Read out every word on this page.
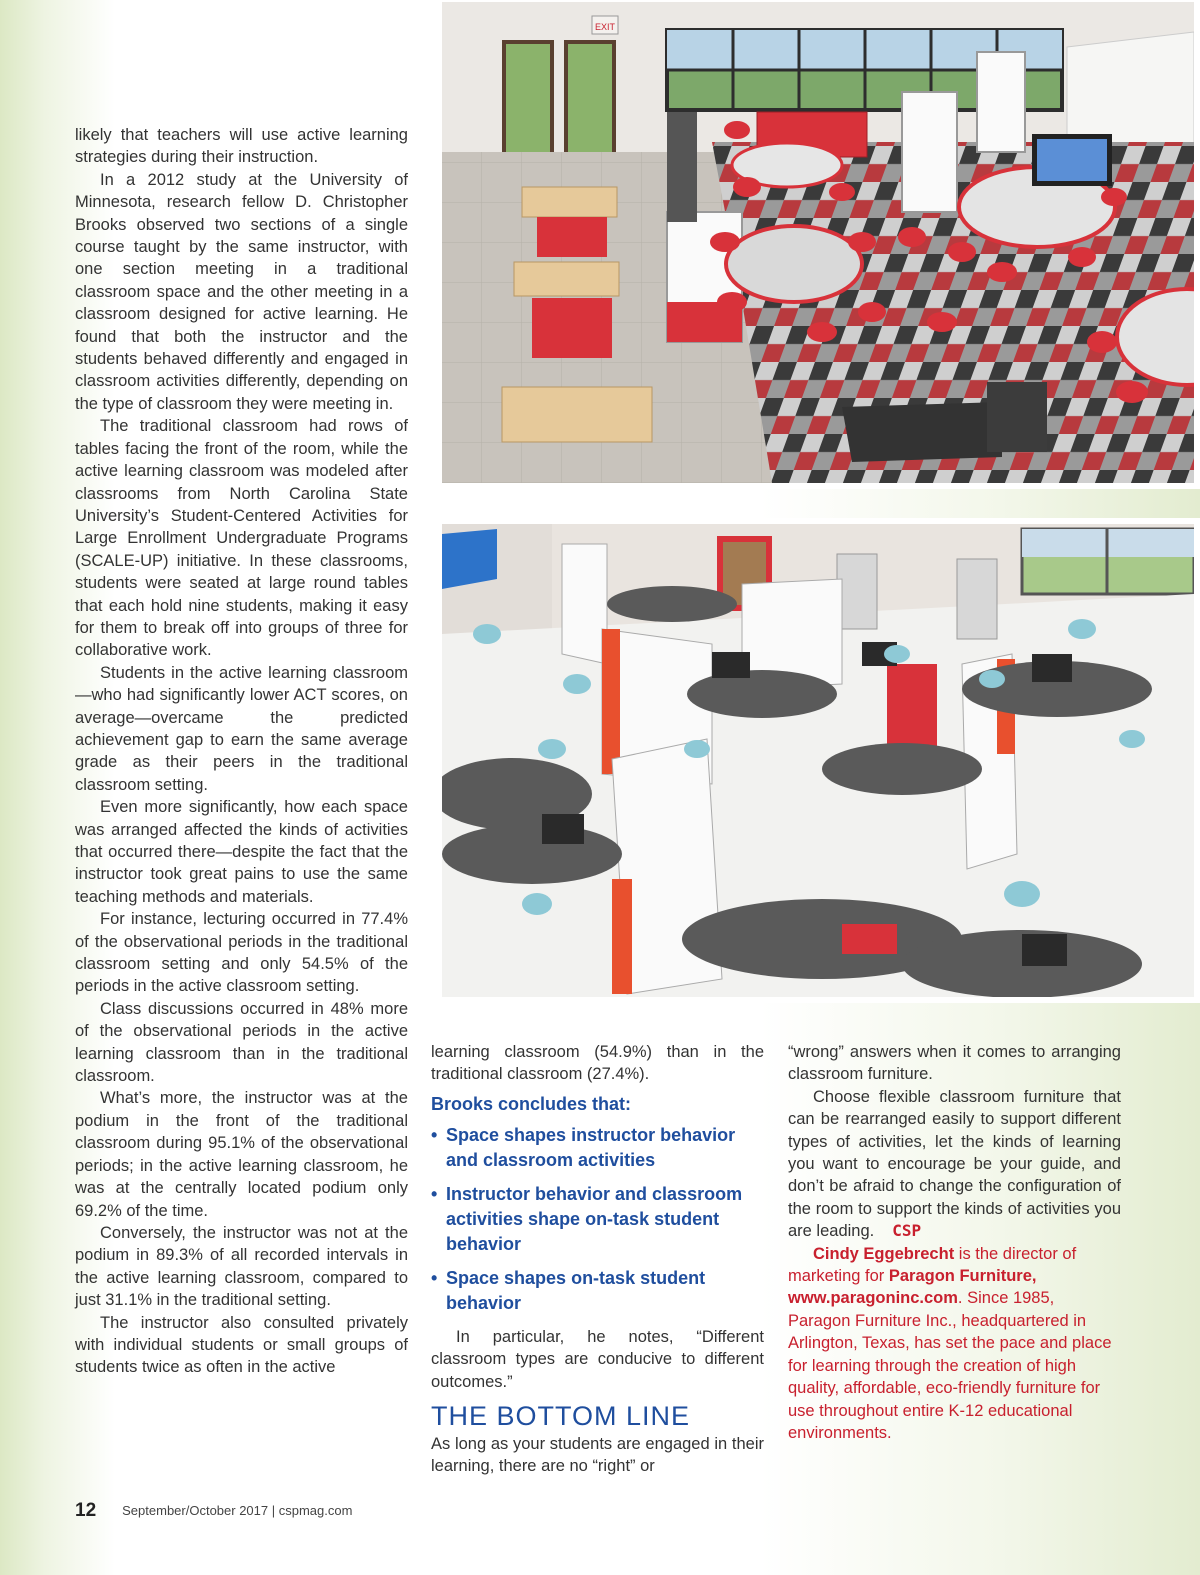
likely that teachers will use active learning strategies during their instruction.

In a 2012 study at the University of Minnesota, research fellow D. Christopher Brooks observed two sections of a single course taught by the same instructor, with one section meeting in a traditional classroom space and the other meeting in a classroom designed for active learning. He found that both the instructor and the students behaved differently and engaged in classroom activities differently, depending on the type of classroom they were meeting in.

The traditional classroom had rows of tables facing the front of the room, while the active learning classroom was modeled after classrooms from North Carolina State University’s Student-Centered Activities for Large Enrollment Undergraduate Programs (SCALE-UP) initiative. In these classrooms, students were seated at large round tables that each hold nine students, making it easy for them to break off into groups of three for collaborative work.

Students in the active learning classroom—who had significantly lower ACT scores, on average—overcame the predicted achievement gap to earn the same average grade as their peers in the traditional classroom setting.

Even more significantly, how each space was arranged affected the kinds of activities that occurred there—despite the fact that the instructor took great pains to use the same teaching methods and materials.

For instance, lecturing occurred in 77.4% of the observational periods in the traditional classroom setting and only 54.5% of the periods in the active classroom setting.

Class discussions occurred in 48% more of the observational periods in the active learning classroom than in the traditional classroom.

What’s more, the instructor was at the podium in the front of the traditional classroom during 95.1% of the observational periods; in the active learning classroom, he was at the centrally located podium only 69.2% of the time.

Conversely, the instructor was not at the podium in 89.3% of all recorded intervals in the active learning classroom, compared to just 31.1% in the traditional setting.

The instructor also consulted privately with individual students or small groups of students twice as often in the active

EXIT

learning classroom (54.9%) than in the traditional classroom (27.4%).

Brooks concludes that:
• Space shapes instructor behavior and classroom activities
• Instructor behavior and classroom activities shape on-task student behavior
• Space shapes on-task student behavior

In particular, he notes, “Different classroom types are conducive to different outcomes.”

THE BOTTOM LINE

As long as your students are engaged in their learning, there are no “right” or

“wrong” answers when it comes to arranging classroom furniture.

Choose flexible classroom furniture that can be rearranged easily to support different types of activities, let the kinds of learning you want to encourage be your guide, and don’t be afraid to change the configuration of the room to support the kinds of activities you are leading. CSP

Cindy Eggebrecht is the director of marketing for Paragon Furniture, www.paragoninc.com. Since 1985, Paragon Furniture Inc., headquartered in Arlington, Texas, has set the pace and place for learning through the creation of high quality, affordable, eco-friendly furniture for use throughout entire K-12 educational environments.

12 September/October 2017 | cspmag.com
